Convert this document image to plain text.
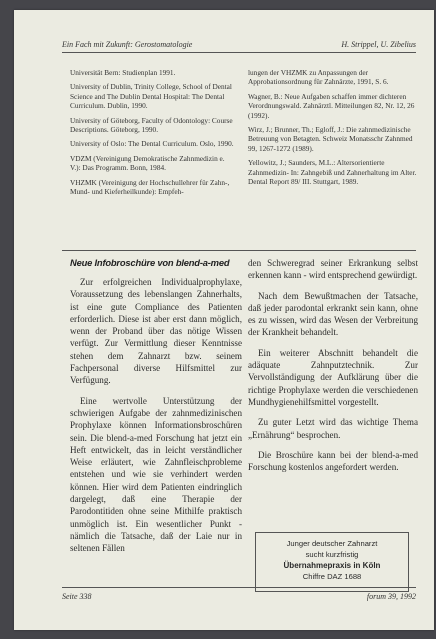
Ein Fach mit Zukunft: Gerostomatologie	H. Strippel, U. Zibelius

Universität Bern: Studienplan 1991.

University of Dublin, Trinity College, School of Dental Science and The Dublin Dental Hospital: The Dental Curriculum. Dublin, 1990.

University of Göteborg, Faculty of Odontology: Course Descriptions. Göteborg, 1990.

University of Oslo: The Dental Curriculum. Oslo, 1990.

VDZM (Vereinigung Demokratische Zahnmedizin e. V.): Das Programm. Bonn, 1984.

VHZMK (Vereinigung der Hochschullehrer für Zahn-, Mund- und Kieferheilkunde): Empfeh-

lungen der VHZMK zu Anpassungen der Approbationsordnung für Zahnärzte, 1991, S. 6.

Wagner, B.: Neue Aufgaben schaffen immer dichteren Verordnungswald. Zahnärztl. Mitteilungen 82, Nr. 12, 26 (1992).

Wirz, J.; Brunner, Th.; Egloff, J.: Die zahnmedizinische Betreuung von Betagten. Schweiz Monatsschr Zahnmed 99, 1267-1272 (1989).

Yellowitz, J.; Saunders, M.L.: Altersorientierte Zahnmedizin- In: Zahngebiß und Zahnerhaltung im Alter. Dental Report 89/ III. Stuttgart, 1989.

Neue Infobroschüre von blend-a-med

Zur erfolgreichen Individualprophylaxe, Voraussetzung des lebenslangen Zahnerhalts, ist eine gute Compliance des Patienten erforderlich. Diese ist aber erst dann möglich, wenn der Proband über das nötige Wissen verfügt. Zur Vermittlung dieser Kenntnisse stehen dem Zahnarzt bzw. seinem Fachpersonal diverse Hilfsmittel zur Verfügung.

Eine wertvolle Unterstützung der schwierigen Aufgabe der zahnmedizinischen Prophylaxe können Informationsbroschüren sein. Die blend-a-med Forschung hat jetzt ein Heft entwickelt, das in leicht verständlicher Weise erläutert, wie Zahnfleischprobleme entstehen und wie sie verhindert werden können. Hier wird dem Patienten eindringlich dargelegt, daß eine Therapie der Parodontitiden ohne seine Mithilfe praktisch unmöglich ist. Ein wesentlicher Punkt - nämlich die Tatsache, daß der Laie nur in seltenen Fällen

den Schweregrad seiner Erkrankung selbst erkennen kann - wird entsprechend gewürdigt.

Nach dem Bewußtmachen der Tatsache, daß jeder parodontal erkrankt sein kann, ohne es zu wissen, wird das Wesen der Verbreitung der Krankheit behandelt.

Ein weiterer Abschnitt behandelt die adäquate Zahnputztechnik. Zur Vervollständigung der Aufklärung über die richtige Prophylaxe werden die verschiedenen Mundhygienehilfsmittel vorgestellt.

Zu guter Letzt wird das wichtige Thema „Ernährung“ besprochen.

Die Broschüre kann bei der blend-a-med Forschung kostenlos angefordert werden.

Junger deutscher Zahnarzt
sucht kurzfristig
Übernahmepraxis in Köln
Chiffre DAZ 1688
Seite 338	forum 39, 1992
